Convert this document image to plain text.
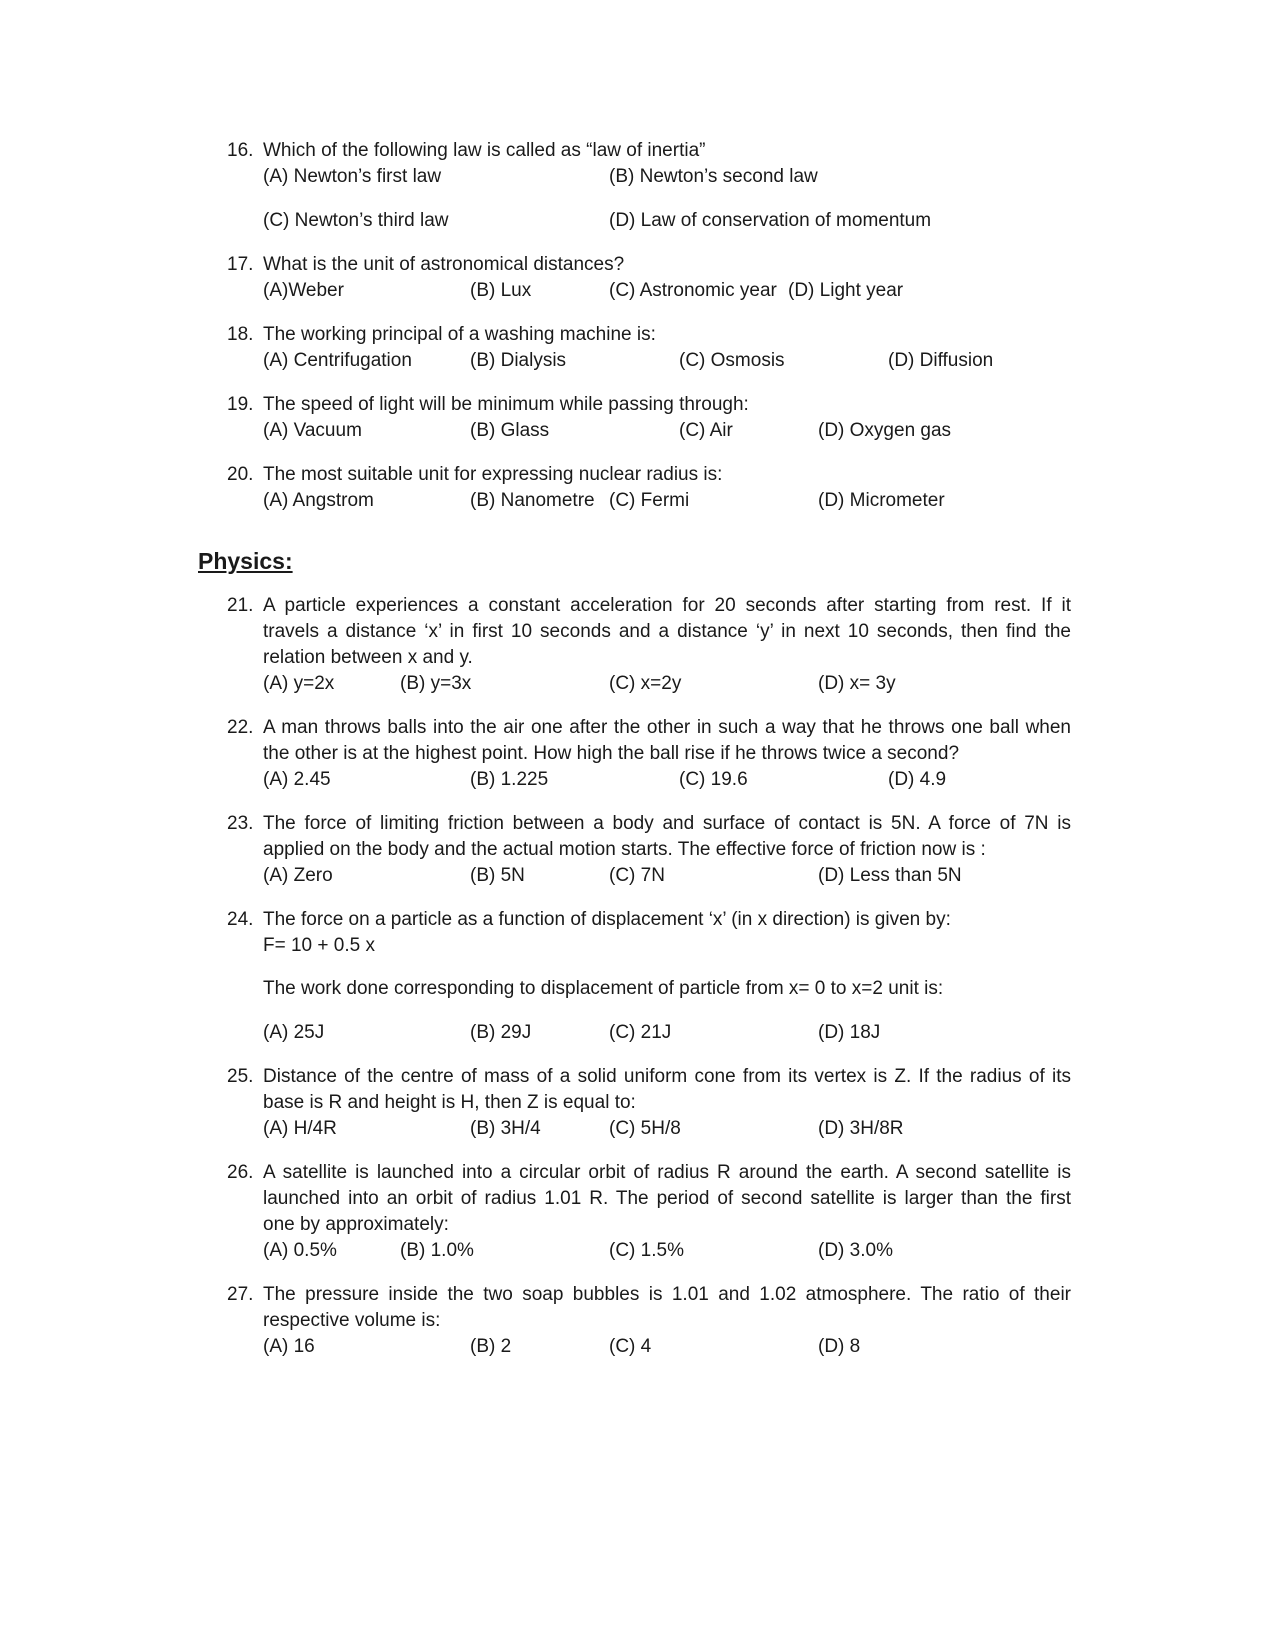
16. Which of the following law is called as “law of inertia”
(A) Newton’s first law	(B) Newton’s second law
(C) Newton’s third law	(D) Law of conservation of momentum
17. What is the unit of astronomical distances?
(A)Weber	(B) Lux	(C) Astronomic year (D) Light year
18. The working principal of a washing machine is:
(A) Centrifugation	(B) Dialysis	(C) Osmosis	(D) Diffusion
19. The speed of light will be minimum while passing through:
(A) Vacuum	(B) Glass	(C) Air	(D) Oxygen gas
20. The most suitable unit for expressing nuclear radius is:
(A) Angstrom	(B) Nanometre (C) Fermi	(D) Micrometer
Physics:
21. A particle experiences a constant acceleration for 20 seconds after starting from rest. If it
travels a distance ‘x’ in first 10 seconds and a distance ‘y’ in next 10 seconds, then find the
relation between x and y.
(A) y=2x	(B) y=3x	(C) x=2y	(D) x= 3y
22. A man throws balls into the air one after the other in such a way that he throws one ball when
the other is at the highest point. How high the ball rise if he throws twice a second?
(A) 2.45	(B) 1.225	(C) 19.6	(D) 4.9
23. The force of limiting friction between a body and surface of contact is 5N. A force of 7N is
applied on the body and the actual motion starts. The effective force of friction now is :
(A) Zero	(B) 5N	(C) 7N	(D) Less than 5N
24. The force on a particle as a function of displacement ‘x’ (in x direction) is given by:
F= 10 + 0.5 x
The work done corresponding to displacement of particle from x= 0 to x=2 unit is:
(A) 25J	(B) 29J	(C) 21J	(D) 18J
25. Distance of the centre of mass of a solid uniform cone from its vertex is Z. If the radius of its
base is R and height is H, then Z is equal to:
(A) H/4R	(B) 3H/4	(C) 5H/8	(D) 3H/8R
26. A satellite is launched into a circular orbit of radius R around the earth. A second satellite is
launched into an orbit of radius 1.01 R. The period of second satellite is larger than the first
one by approximately:
(A) 0.5%	(B) 1.0%	(C) 1.5%	(D) 3.0%
27. The pressure inside the two soap bubbles is 1.01 and 1.02 atmosphere. The ratio of their
respective volume is:
(A) 16	(B) 2	(C) 4	(D) 8
